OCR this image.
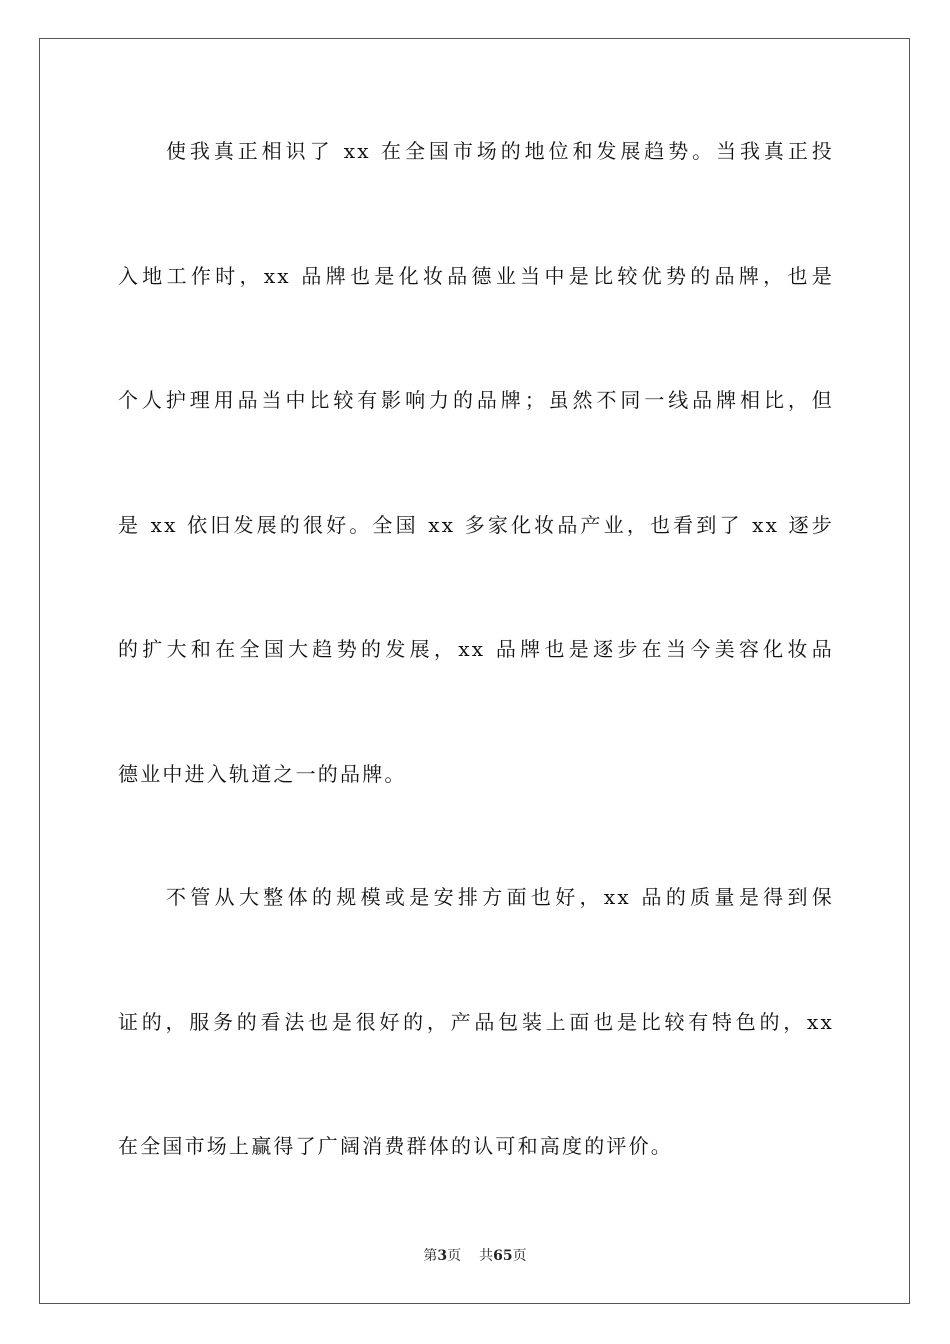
使我真正相识了 xx 在全国市场的地位和发展趋势。当我真正投
入地工作时，xx 品牌也是化妆品德业当中是比较优势的品牌，也是
个人护理用品当中比较有影响力的品牌；虽然不同一线品牌相比，但
是 xx 依旧发展的很好。全国 xx 多家化妆品产业，也看到了 xx 逐步
的扩大和在全国大趋势的发展，xx 品牌也是逐步在当今美容化妆品
德业中进入轨道之一的品牌。
不管从大整体的规模或是安排方面也好，xx 品的质量是得到保
证的，服务的看法也是很好的，产品包装上面也是比较有特色的，xx
在全国市场上赢得了广阔消费群体的认可和高度的评价。
第3页 共65页
